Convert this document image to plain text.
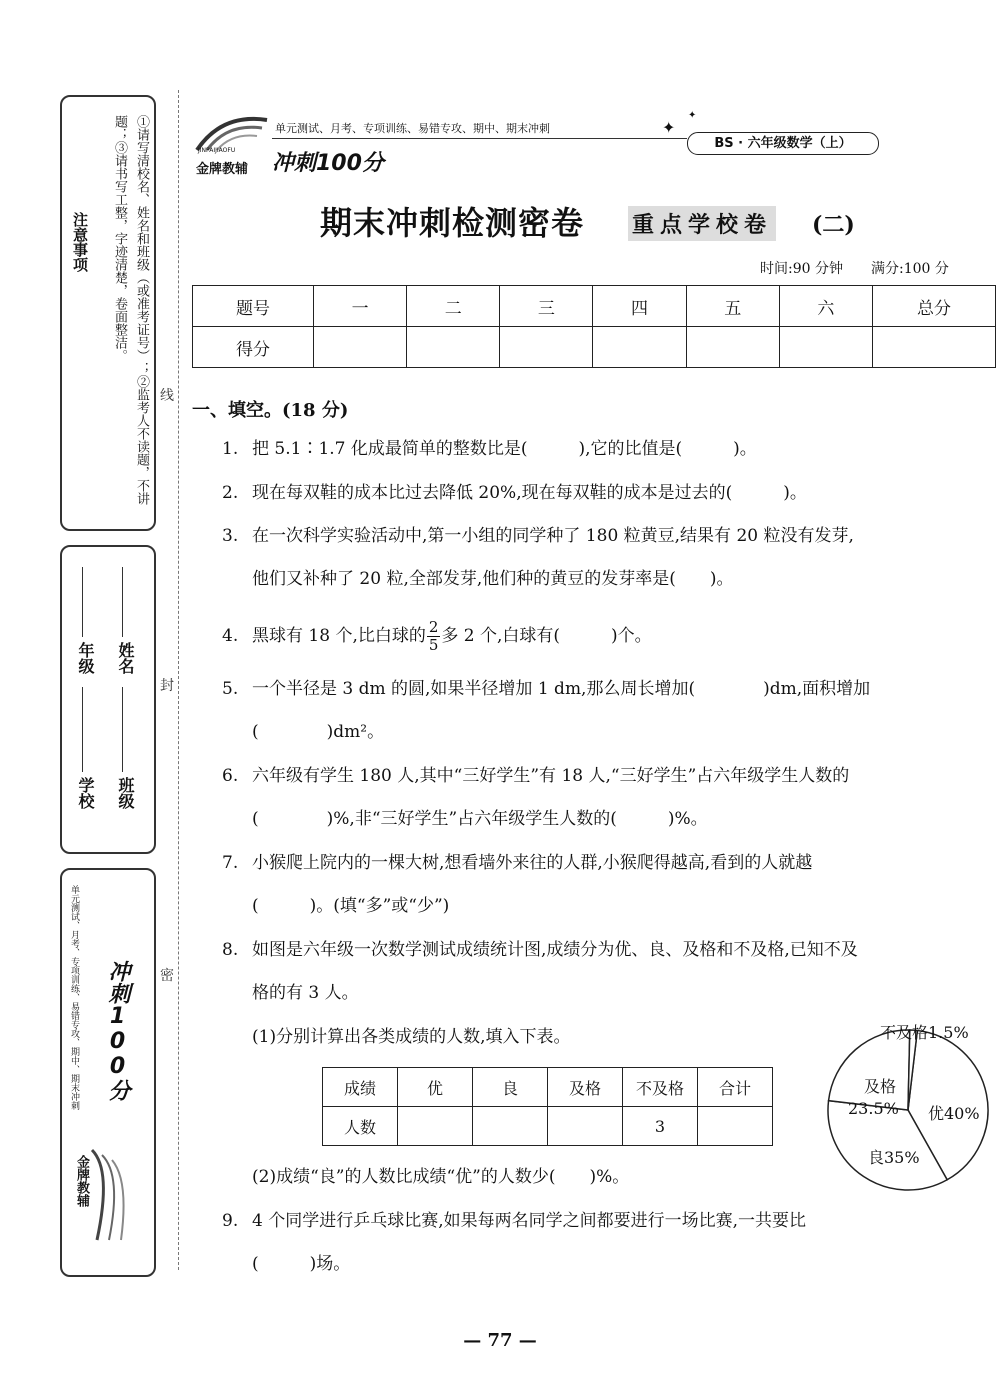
注意事项	①请写清校名、姓名和班级（或准考证号）；②监考人不读题，不讲题；③请书写工整，字迹清楚，卷面整洁。
学校
年级
班级
姓名
单元测试、月考、专项训练、易错专攻、期中、期末冲刺 冲刺100分
金牌教辅
线
封
密
JINPAIJIAOFU
金牌教辅
单元测试、月考、专项训练、易错专攻、期中、期末冲刺
冲刺100分
✦
✦
BS · 六年级数学（上）
期末冲刺检测密卷 重点学校卷 (二)
时间:90 分钟　　满分:100 分
题号	一	二	三	四	五	六	总分
得分							
一、填空。(18 分)
1. 把 5.1∶1.7 化成最简单的整数比是(　　　),它的比值是(　　　)。
2. 现在每双鞋的成本比过去降低 20%,现在每双鞋的成本是过去的(　　　)。
3. 在一次科学实验活动中,第一小组的同学种了 180 粒黄豆,结果有 20 粒没有发芽,
他们又补种了 20 粒,全部发芽,他们种的黄豆的发芽率是(　　)。
4. 黑球有 18 个,比白球的 $\frac{2}{5}$ 多 2 个,白球有(　　　)个。
5. 一个半径是 3 dm 的圆,如果半径增加 1 dm,那么周长增加(　　　　)dm,面积增加
(　　　　)dm²。
6. 六年级有学生 180 人,其中“三好学生”有 18 人,“三好学生”占六年级学生人数的
(　　　　)%,非“三好学生”占六年级学生人数的(　　　)%。
7. 小猴爬上院内的一棵大树,想看墙外来往的人群,小猴爬得越高,看到的人就越
(　　　)。(填“多”或“少”)
8. 如图是六年级一次数学测试成绩统计图,成绩分为优、良、及格和不及格,已知不及
格的有 3 人。
(1)分别计算出各类成绩的人数,填入下表。
成绩	优	良	及格	不及格	合计
人数				3	
(2)成绩“良”的人数比成绩“优”的人数少(　　)%。
9. 4 个同学进行乒乓球比赛,如果每两名同学之间都要进行一场比赛,一共要比
(　　　)场。
不及格1.5%
优40%
良35%
及格
23.5%
— 77 —
